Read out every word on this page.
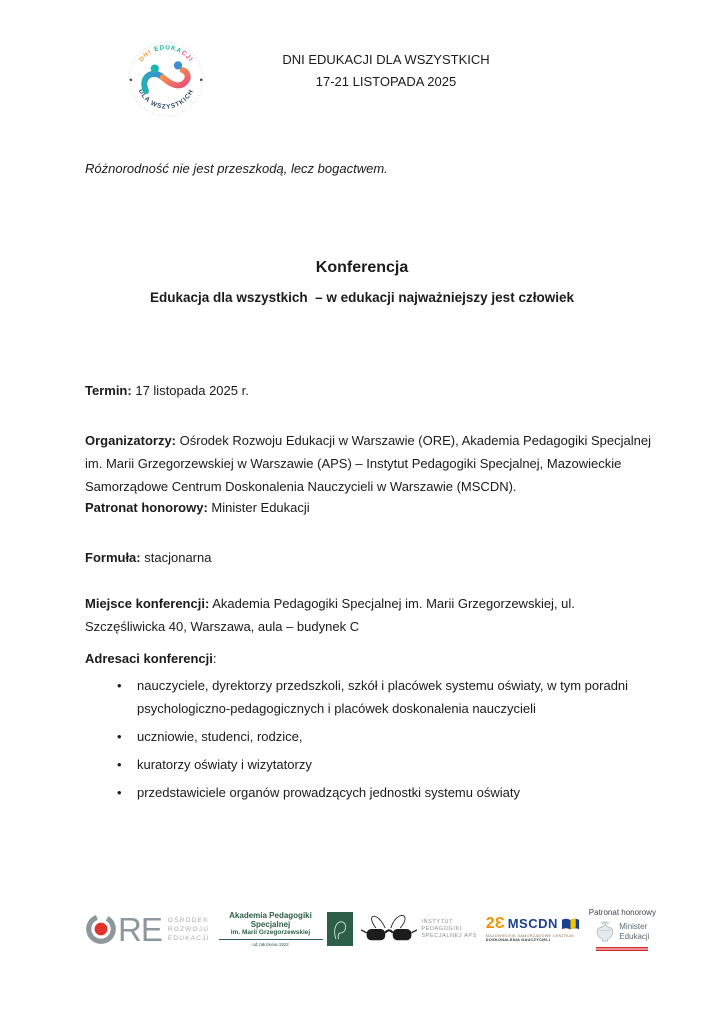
DNIEDUKACJI
DLA WSZYSTKICH
DNI EDUKACJI DLA WSZYSTKICH
17-21 LISTOPADA 2025
Różnorodność nie jest przeszkodą, lecz bogactwem.
Konferencja
Edukacja dla wszystkich  – w edukacji najważniejszy jest człowiek

Termin: 17 listopada 2025 r.

Organizatorzy: Ośrodek Rozwoju Edukacji w Warszawie (ORE), Akademia Pedagogiki Specjalnej im. Marii Grzegorzewskiej w Warszawie (APS) – Instytut Pedagogiki Specjalnej, Mazowieckie Samorządowe Centrum Doskonalenia Nauczycieli w Warszawie (MSCDN).

Patronat honorowy: Minister Edukacji

Formuła: stacjonarna

Miejsce konferencji: Akademia Pedagogiki Specjalnej im. Marii Grzegorzewskiej, ul. Szczęśliwicka 40, Warszawa, aula – budynek C

Adresaci konferencji:
• nauczyciele, dyrektorzy przedszkoli, szkół i placówek systemu oświaty, w tym poradni psychologiczno-pedagogicznych i placówek doskonalenia nauczycieli
• uczniowie, studenci, rodzice,
• kuratorzy oświaty i wizytatorzy
• przedstawiciele organów prowadzących jednostki systemu oświaty
RE OŚRODEK
ROZWOJU
EDUKACJI
Akademia Pedagogiki Specjalnej
im. Marii Grzegorzewskiej
od założenia 1922
INSTYTUT
PEDAGOGIKI
SPECJALNEJ APS
2Ɛ MSCDN
MAZOWIECKIE SAMORZĄDOWE CENTRUM
DOSKONALENIA NAUCZYCIELI
Patronat honorowy
Minister
Edukacji
